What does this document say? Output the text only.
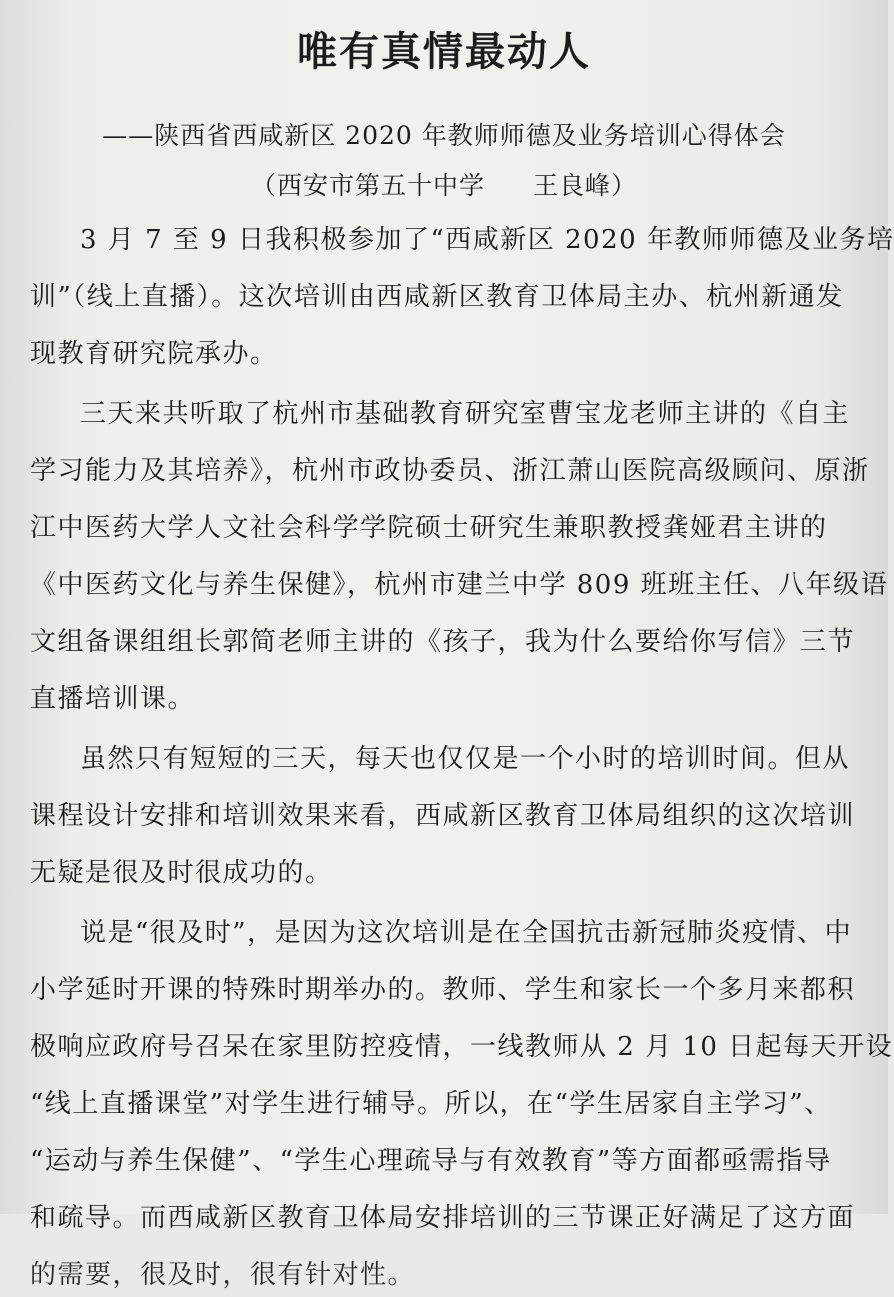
唯有真情最动人

——陕西省西咸新区 2020 年教师师德及业务培训心得体会

（西安市第五十中学 王良峰）

3 月 7 至 9 日我积极参加了“西咸新区 2020 年教师师德及业务培

训”（线上直播）。这次培训由西咸新区教育卫体局主办、杭州新通发

现教育研究院承办。

三天来共听取了杭州市基础教育研究室曹宝龙老师主讲的《自主

学习能力及其培养》，杭州市政协委员、浙江萧山医院高级顾问、原浙

江中医药大学人文社会科学学院硕士研究生兼职教授龚娅君主讲的

《中医药文化与养生保健》，杭州市建兰中学 809 班班主任、八年级语

文组备课组组长郭简老师主讲的《孩子，我为什么要给你写信》三节

直播培训课。

虽然只有短短的三天，每天也仅仅是一个小时的培训时间。但从

课程设计安排和培训效果来看，西咸新区教育卫体局组织的这次培训

无疑是很及时很成功的。

说是“很及时”，是因为这次培训是在全国抗击新冠肺炎疫情、中

小学延时开课的特殊时期举办的。教师、学生和家长一个多月来都积

极响应政府号召呆在家里防控疫情，一线教师从 2 月 10 日起每天开设

“线上直播课堂”对学生进行辅导。所以，在“学生居家自主学习”、

“运动与养生保健”、“学生心理疏导与有效教育”等方面都亟需指导

和疏导。而西咸新区教育卫体局安排培训的三节课正好满足了这方面

的需要，很及时，很有针对性。
